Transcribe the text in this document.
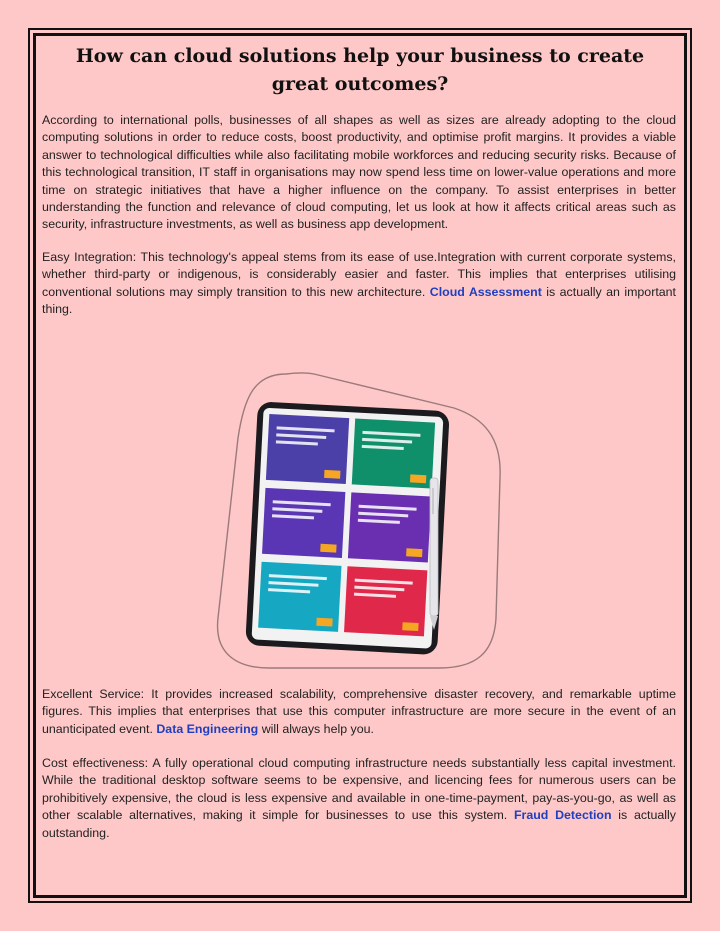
How can cloud solutions help your business to create great outcomes?

According to international polls, businesses of all shapes as well as sizes are already adopting to the cloud computing solutions in order to reduce costs, boost productivity, and optimise profit margins. It provides a viable answer to technological difficulties while also facilitating mobile workforces and reducing security risks. Because of this technological transition, IT staff in organisations may now spend less time on lower-value operations and more time on strategic initiatives that have a higher influence on the company. To assist enterprises in better understanding the function and relevance of cloud computing, let us look at how it affects critical areas such as security, infrastructure investments, as well as business app development.

Easy Integration: This technology's appeal stems from its ease of use.Integration with current corporate systems, whether third-party or indigenous, is considerably easier and faster. This implies that enterprises utilising conventional solutions may simply transition to this new architecture. Cloud Assessment is actually an important thing.

Excellent Service: It provides increased scalability, comprehensive disaster recovery, and remarkable uptime figures. This implies that enterprises that use this computer infrastructure are more secure in the event of an unanticipated event. Data Engineering will always help you.

Cost effectiveness: A fully operational cloud computing infrastructure needs substantially less capital investment. While the traditional desktop software seems to be expensive, and licencing fees for numerous users can be prohibitively expensive, the cloud is less expensive and available in one-time-payment, pay-as-you-go, as well as other scalable alternatives, making it simple for businesses to use this system. Fraud Detection is actually outstanding.
